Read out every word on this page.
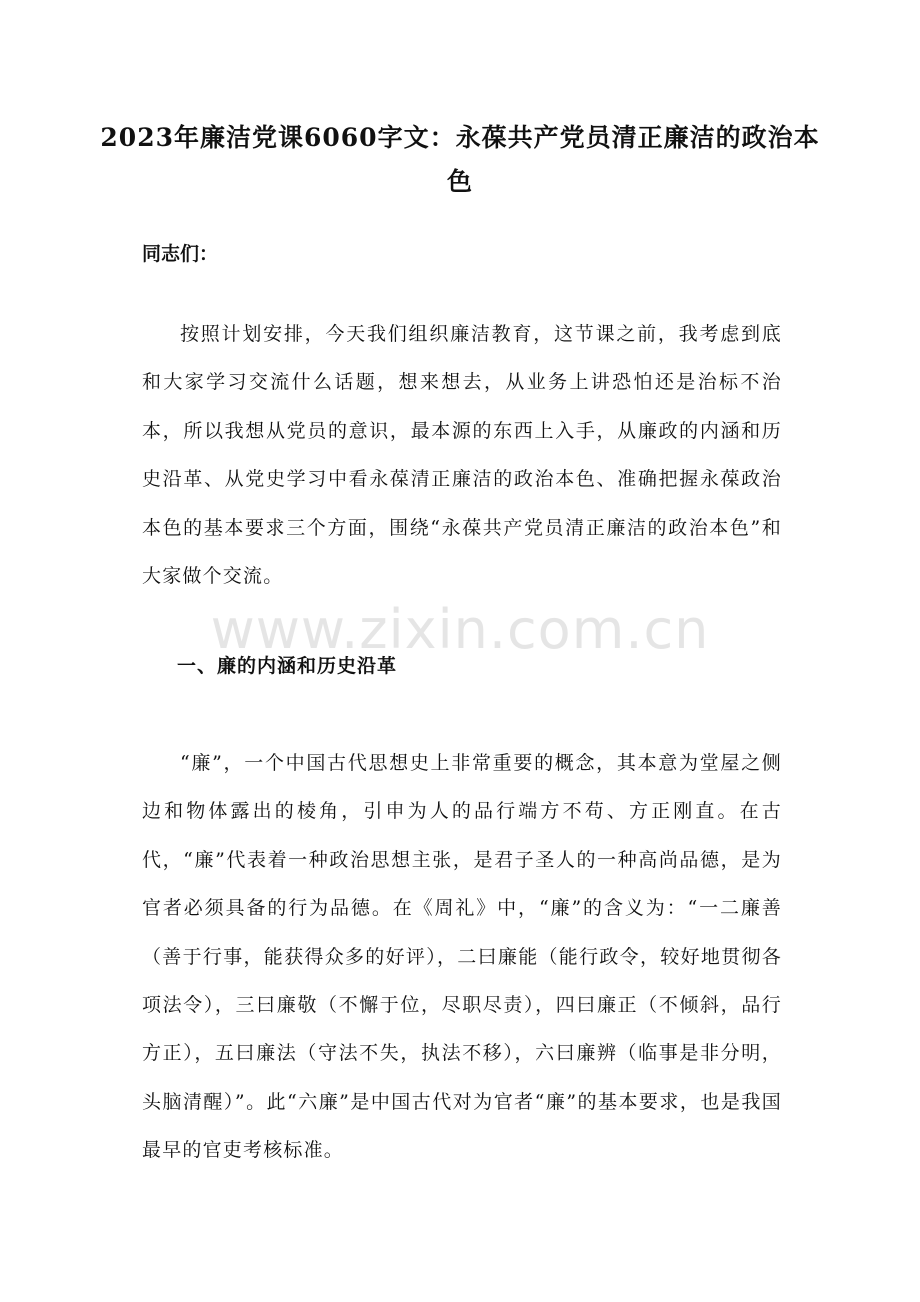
2023年廉洁党课6060字文：永葆共产党员清正廉洁的政治本色
同志们：
按照计划安排，今天我们组织廉洁教育，这节课之前，我考虑到底和大家学习交流什么话题，想来想去，从业务上讲恐怕还是治标不治本，所以我想从党员的意识，最本源的东西上入手，从廉政的内涵和历史沿革、从党史学习中看永葆清正廉洁的政治本色、准确把握永葆政治本色的基本要求三个方面，围绕“永葆共产党员清正廉洁的政治本色”和大家做个交流。
www.zixin.com.cn
一、廉的内涵和历史沿革
“廉”，一个中国古代思想史上非常重要的概念，其本意为堂屋之侧边和物体露出的棱角，引申为人的品行端方不苟、方正刚直。在古代，“廉”代表着一种政治思想主张，是君子圣人的一种高尚品德，是为官者必须具备的行为品德。在《周礼》中，“廉”的含义为：“一二廉善（善于行事，能获得众多的好评），二曰廉能（能行政令，较好地贯彻各项法令），三曰廉敬（不懈于位，尽职尽责），四曰廉正（不倾斜，品行方正），五曰廉法（守法不失，执法不移），六曰廉辨（临事是非分明，头脑清醒）”。此“六廉”是中国古代对为官者“廉”的基本要求，也是我国最早的官吏考核标准。
